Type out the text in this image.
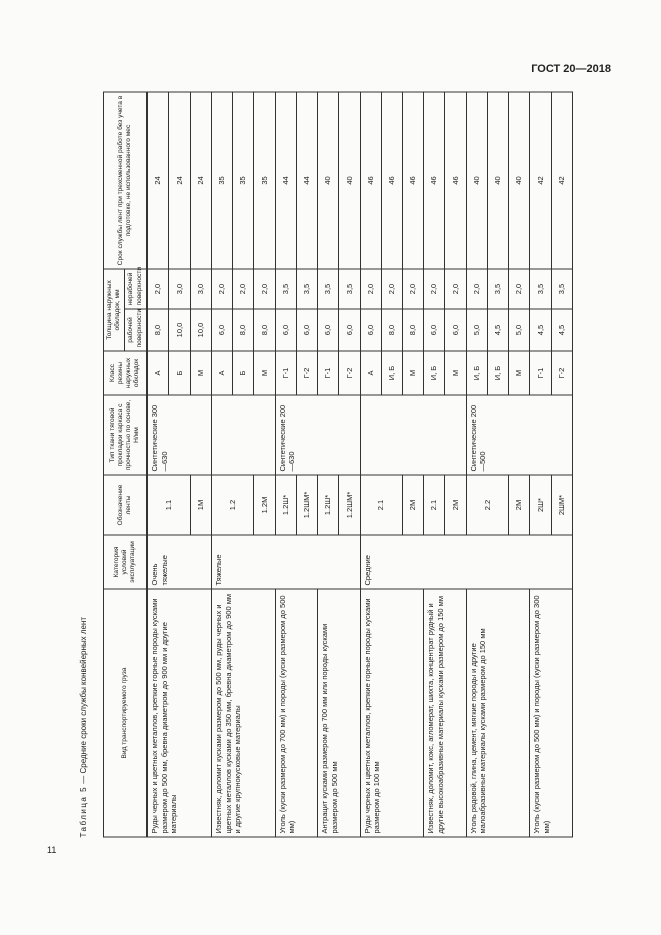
ГОСТ 20—2018
Таблица 5 — Средние сроки службы конвейерных лент	Вид транспортируемого груза	Категория условий эксплуатации	Обозначение ленты	Тип ткани тяговой прокладки каркаса с прочностью по основе, Н/мм	Класс резины наружных обкладок	Толщина наружных обкладок, мм		Срок службы лент при трехсменной работе без учета в подготовке, не использованного мес
					рабочей поверхности	нерабочей поверхности	
Руды черных и цветных металлов, крепкие горные породы кусками размером до 500 мм, бревна диаметром до 900 мм и другие материалы	Очень тяжелые	1.1	Синтетические 300—630	А	8,0	2,0	24
				Б	10,0	3,0	24
		1М		М	10,0	3,0	24
Известняк, доломит кусками размером до 500 мм, руды черных и цветных металлов кусками до 350 мм, бревна диаметром до 900 мм и другие крупнокусковые материалы	Тяжелые	1.2		А	6,0	2,0	35
				Б	8,0	2,0	35
		1.2М		М	8,0	2,0	35
Уголь (куски размером до 700 мм) и породы (куски размером до 500 мм)		1.2Ш*	Синтетические 200—630	Г-1	6,0	3,5	44
		1.2ШМ*		Г-2	6,0	3,5	44
Антрацит кусками размером до 700 мм или породы кусками размером до 500 мм		1.2Ш*		Г-1	6,0	3,5	40
		1.2ШМ*		Г-2	6,0	3,5	40
Руды черных и цветных металлов, крепкие горные породы кусками размером до 100 мм	Средние	2.1		А	6,0	2,0	46
				И, Б	8,0	2,0	46
		2М		М	8,0	2,0	46
Известняк, доломит, кокс, агломерат, шихта, концентрат рудный и другие высокоабразивные материалы кусками размером до 150 мм		2.1		И, Б	6,0	2,0	46
		2М		М	6,0	2,0	46
Уголь рядовой, глина, цемент, мягкие породы и другие малоабразивные материалы кусками размером до 150 мм		2.2	Синтетические 200—500	И, Б	5,0	2,0	40
				И, Б	4,5	3,5	40
		2М		М	5,0	2,0	40
Уголь (куски размером до 500 мм) и породы (куски размером до 300 мм)		2Ш*		Г-1	4,5	3,5	42
		2ШМ*		Г-2	4,5	3,5	42
11
